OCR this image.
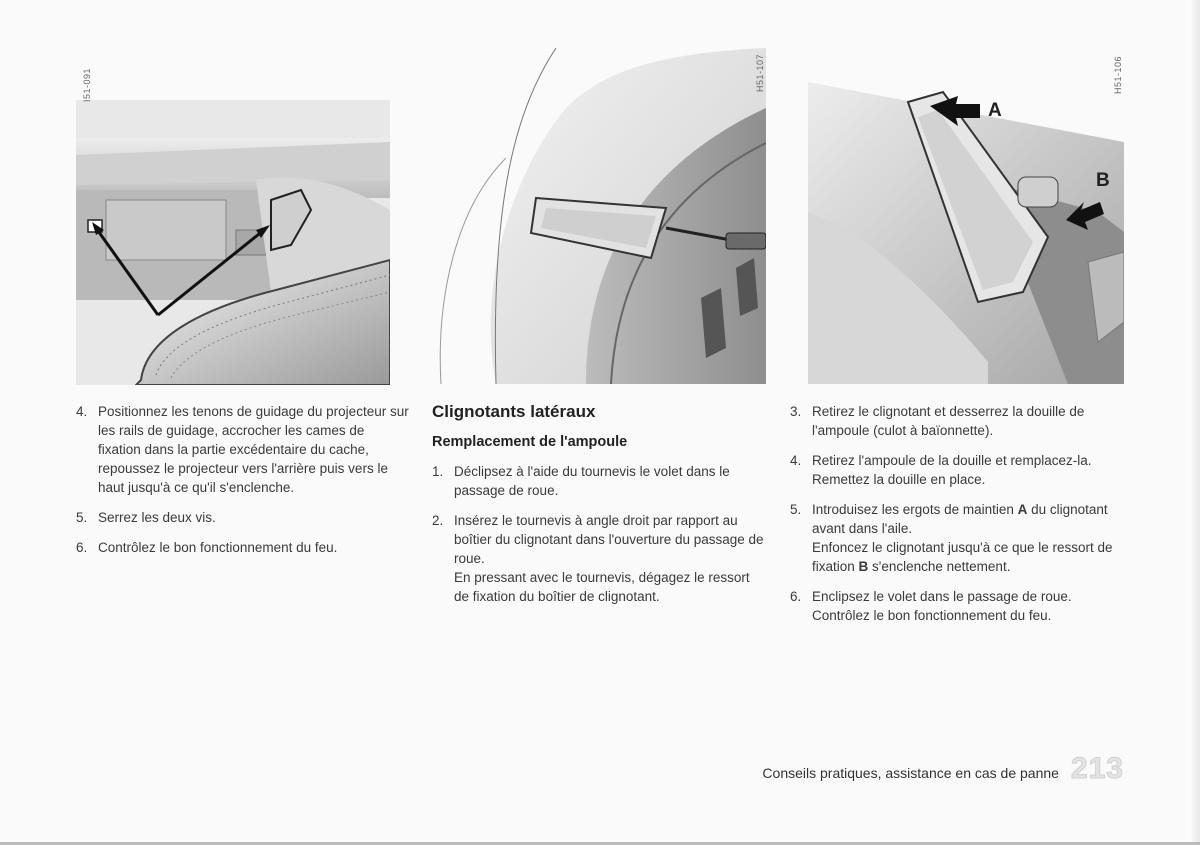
I51-091	H51-107
A
B
H51-106
4. Positionnez les tenons de guidage du projecteur sur les rails de guidage, accrocher les cames de fixation dans la partie excédentaire du cache, repoussez le projecteur vers l'arrière puis vers le haut jusqu'à ce qu'il s'enclenche.
5. Serrez les deux vis.
6. Contrôlez le bon fonctionnement du feu.
Clignotants latéraux
Remplacement de l'ampoule
1. Déclipsez à l'aide du tournevis le volet dans le passage de roue.
2. Insérez le tournevis à angle droit par rapport au boîtier du clignotant dans l'ouverture du passage de roue.
En pressant avec le tournevis, dégagez le ressort de fixation du boîtier de clignotant.
3. Retirez le clignotant et desserrez la douille de l'ampoule (culot à baïonnette).
4. Retirez l'ampoule de la douille et remplacez-la. Remettez la douille en place.
5. Introduisez les ergots de maintien A du clignotant avant dans l'aile.
Enfoncez le clignotant jusqu'à ce que le ressort de fixation B s'enclenche nettement.
6. Enclipsez le volet dans le passage de roue. Contrôlez le bon fonctionnement du feu.
Conseils pratiques, assistance en cas de panne 213
